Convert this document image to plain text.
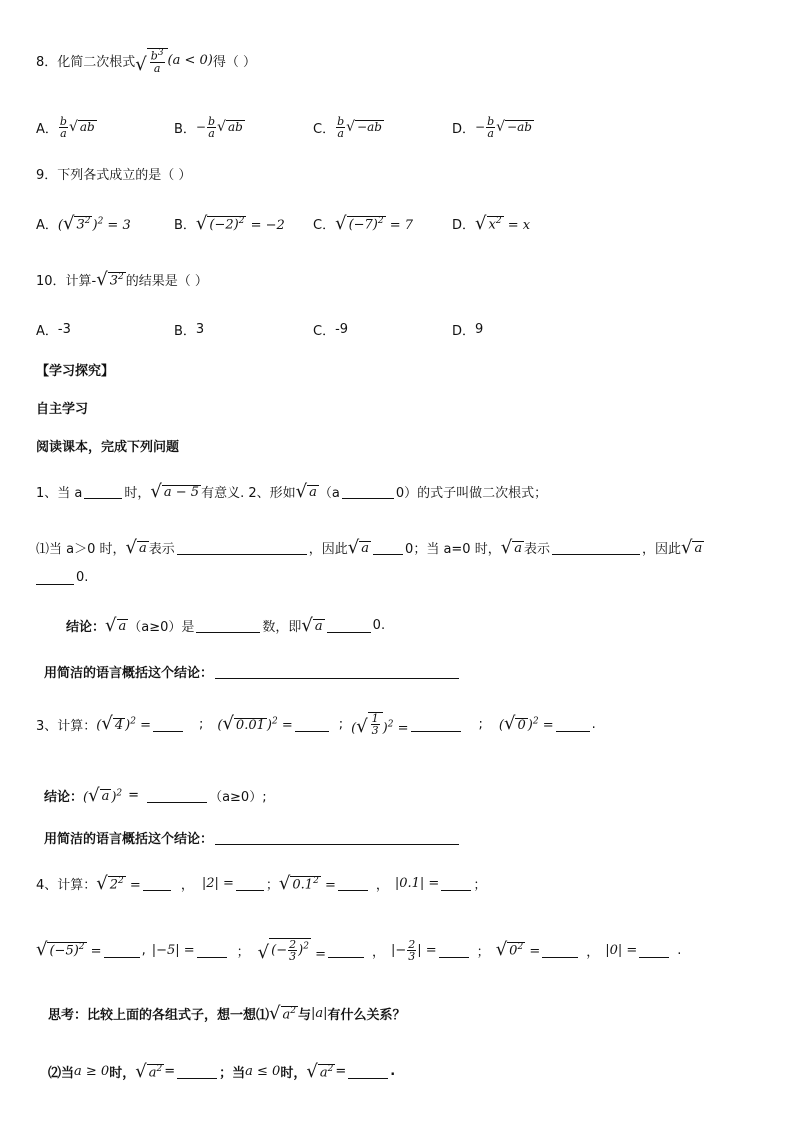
8．化简二次根式 √ $\frac{b^3}{a} (a < 0)$ 得（ ）
A． $\frac{b}{a}$ √ ab	B． − $\frac{b}{a}$ √ ab	C． $\frac{b}{a}$ √ −ab	D． − $\frac{b}{a}$ √ −ab
9．下列各式成立的是（ ）
A． ( √ $3^2$ )$^2$ = 3	B． √ $(-2)^2 = -2$ C． √ $(-7)^2 = 7$	D． √ $x^2 = x$
10．计算- √ $3^2$ 的结果是（ ）
A． -3	B． 3	C． -9	D． 9
【学习探究】
自主学习
阅读课本，完成下列问题
1、当 a	时， √ a − 5 有意义. 2、形如 √ a （a	0）的式子叫做二次根式；
⑴当 a＞0 时， √ a 表示	，因此 √ a	0；当 a=0 时， √ a 表示	，因此 √ a
0.
结论： √ a （a≥0）是	数，即 √ a	0.
用简洁的语言概括这个结论：
3、计算： ( √ 4 )$^2$ =	; ( √ 0.01 )$^2$ =	; ( √ $\frac{1}{3} )^2$ =	; ( √ 0 )$^2$ =	.
结论： ( √ a )$^2$ =	（a≥0）;
用简洁的语言概括这个结论：
4、计算： √ $2^2$ =	， |2| = ； √ $0.1^2$ =	， |0.1| =	；
√ $(-5)^2$ =	, |−5| =	； √ (− $\frac{2}{3} )^2$
=	， |− $\frac{2}{3}$ | =	； √ $0^2$ =	， |0| =	.
思考：比较上面的各组式子，想一想⑴ √ $a^2$ 与 |a| 有什么关系？
⑵当 a ≥ 0 时， √ $a^2$ =	；当 a ≤ 0 时， √ $a^2$ =	.
